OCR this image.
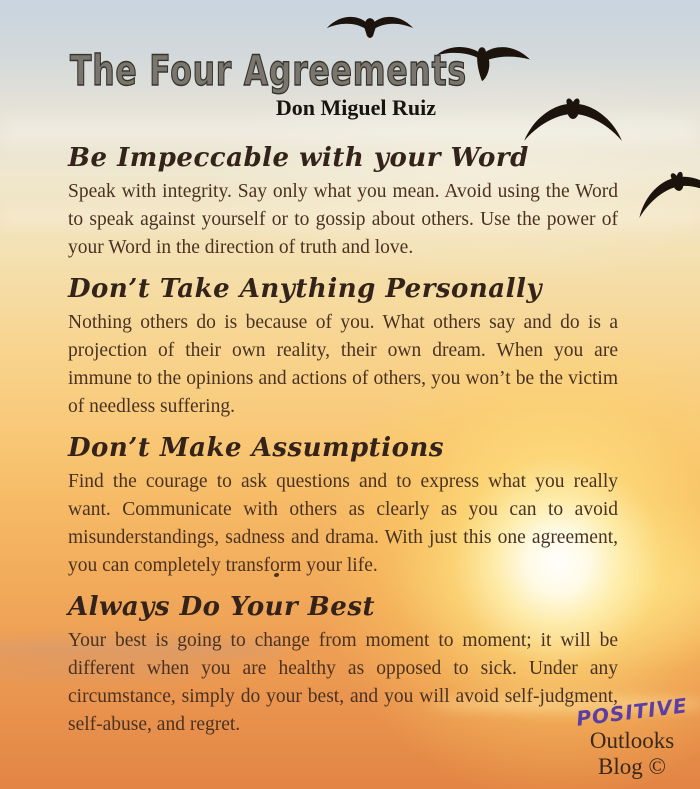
The Four Agreements
Don Miguel Ruiz
Be Impeccable with your Word

Speak with integrity. Say only what you mean. Avoid using the Word to speak against yourself or to gossip about others. Use the power of your Word in the direction of truth and love.

Don’t Take Anything Personally

Nothing others do is because of you. What others say and do is a projection of their own reality, their own dream. When you are immune to the opinions and actions of others, you won’t be the victim of needless suffering.

Don’t Make Assumptions

Find the courage to ask questions and to express what you really want. Communicate with others as clearly as you can to avoid misunderstandings, sadness and drama. With just this one agreement, you can completely transform your life.

Always Do Your Best

Your best is going to change from moment to moment; it will be different when you are healthy as opposed to sick. Under any circumstance, simply do your best, and you will avoid self-judgment, self-abuse, and regret.	POSITIVE
Outlooks
Blog ©
